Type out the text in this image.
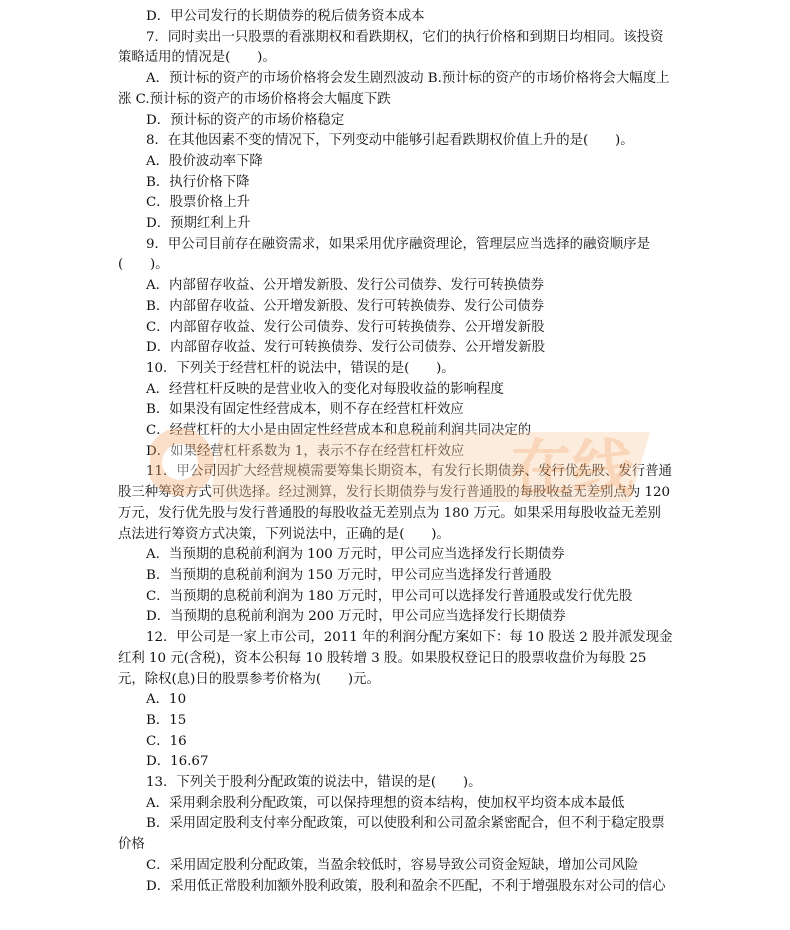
D．甲公司发行的长期债券的税后债务资本成本
7．同时卖出一只股票的看涨期权和看跌期权，它们的执行价格和到期日均相同。该投资策略适用的情况是(　　)。
A．预计标的资产的市场价格将会发生剧烈波动 B.预计标的资产的市场价格将会大幅度上涨 C.预计标的资产的市场价格将会大幅度下跌
D．预计标的资产的市场价格稳定
8．在其他因素不变的情况下，下列变动中能够引起看跌期权价值上升的是(　　)。
A．股价波动率下降
B．执行价格下降
C．股票价格上升
D．预期红利上升
9．甲公司目前存在融资需求，如果采用优序融资理论，管理层应当选择的融资顺序是(　　)。
A．内部留存收益、公开增发新股、发行公司债券、发行可转换债券
B．内部留存收益、公开增发新股、发行可转换债券、发行公司债券
C．内部留存收益、发行公司债券、发行可转换债券、公开增发新股
D．内部留存收益、发行可转换债券、发行公司债券、公开增发新股
10．下列关于经营杠杆的说法中，错误的是(　　)。
A．经营杠杆反映的是营业收入的变化对每股收益的影响程度
B．如果没有固定性经营成本，则不存在经营杠杆效应
C．经营杠杆的大小是由固定性经营成本和息税前利润共同决定的
D．如果经营杠杆系数为 1，表示不存在经营杠杆效应
11．甲公司因扩大经营规模需要筹集长期资本，有发行长期债券、发行优先股、发行普通股三种筹资方式可供选择。经过测算，发行长期债券与发行普通股的每股收益无差别点为 120 万元，发行优先股与发行普通股的每股收益无差别点为 180 万元。如果采用每股收益无差别点法进行筹资方式决策，下列说法中，正确的是(　　)。
A．当预期的息税前利润为 100 万元时，甲公司应当选择发行长期债券
B．当预期的息税前利润为 150 万元时，甲公司应当选择发行普通股
C．当预期的息税前利润为 180 万元时，甲公司可以选择发行普通股或发行优先股
D．当预期的息税前利润为 200 万元时，甲公司应当选择发行长期债券
12．甲公司是一家上市公司，2011 年的利润分配方案如下：每 10 股送 2 股并派发现金红利 10 元(含税)，资本公积每 10 股转增 3 股。如果股权登记日的股票收盘价为每股 25 元，除权(息)日的股票参考价格为(　　)元。
A．10
B．15
C．16
D．16.67
13．下列关于股利分配政策的说法中，错误的是(　　)。
A．采用剩余股利分配政策，可以保持理想的资本结构，使加权平均资本成本最低
B．采用固定股利支付率分配政策，可以使股利和公司盈余紧密配合，但不利于稳定股票价格
C．采用固定股利分配政策，当盈余较低时，容易导致公司资金短缺，增加公司风险
D．采用低正常股利加额外股利政策，股利和盈余不匹配，不利于增强股东对公司的信心
在线
